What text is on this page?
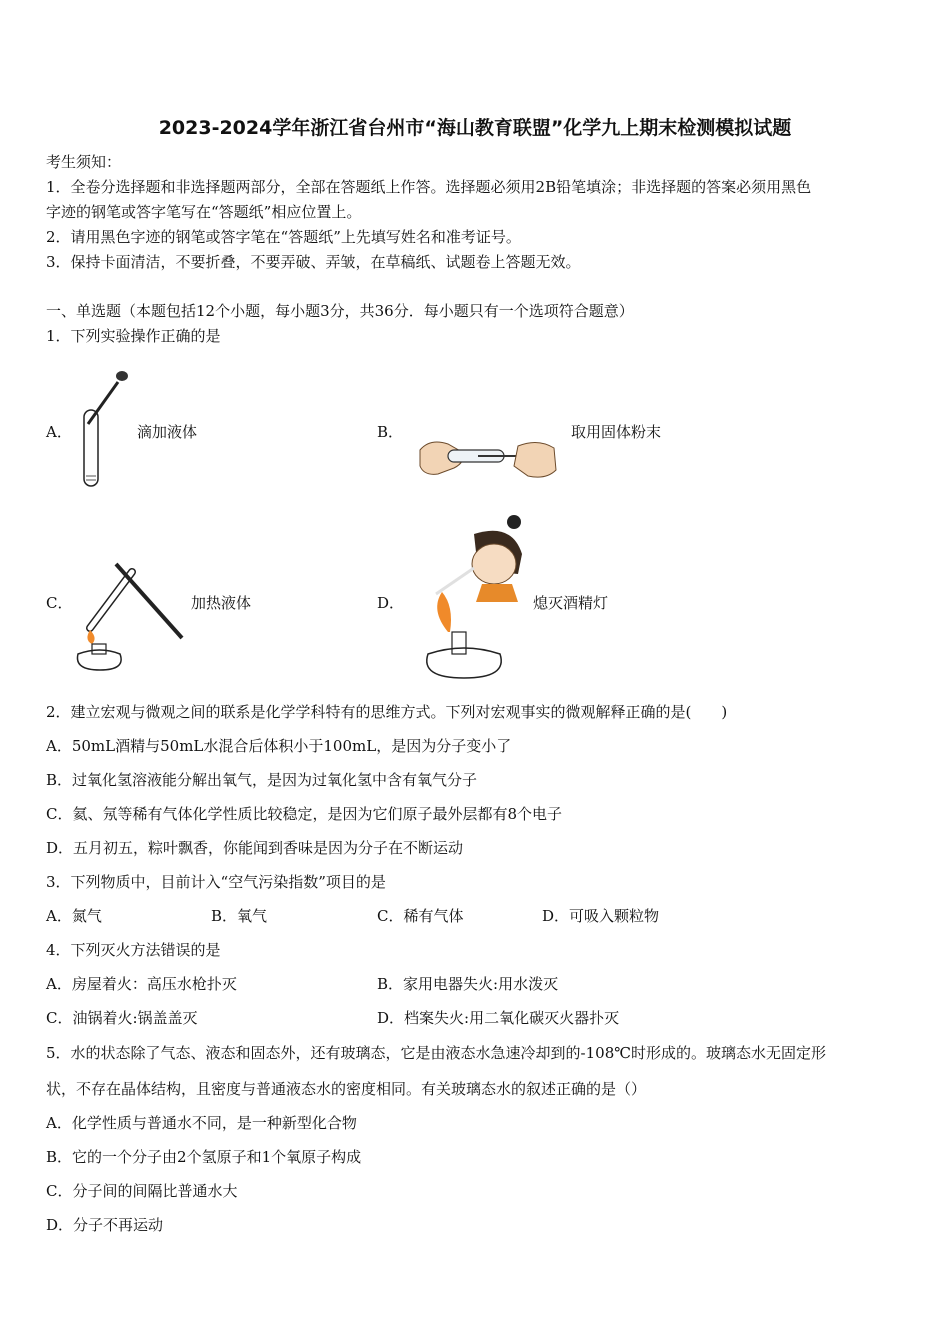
2023-2024学年浙江省台州市“海山教育联盟”化学九上期末检测模拟试题
考生须知：
1．全卷分选择题和非选择题两部分，全部在答题纸上作答。选择题必须用2B铅笔填涂；非选择题的答案必须用黑色
字迹的钢笔或答字笔写在“答题纸”相应位置上。
2．请用黑色字迹的钢笔或答字笔在“答题纸”上先填写姓名和准考证号。
3．保持卡面清洁，不要折叠，不要弄破、弄皱，在草稿纸、试题卷上答题无效。
一、单选题（本题包括12个小题，每小题3分，共36分．每小题只有一个选项符合题意）
1．下列实验操作正确的是
A．	滴加液体	B．	取用固体粉末
C．	加热液体	D．	熄灭酒精灯
2．建立宏观与微观之间的联系是化学学科特有的思维方式。下列对宏观事实的微观解释正确的是(　　)
A．50mL酒精与50mL水混合后体积小于100mL，是因为分子变小了
B．过氧化氢溶液能分解出氧气，是因为过氧化氢中含有氧气分子
C．氦、氖等稀有气体化学性质比较稳定，是因为它们原子最外层都有8个电子
D．五月初五，粽叶飘香，你能闻到香味是因为分子在不断运动
3．下列物质中，目前计入“空气污染指数”项目的是
A．氮气	B．氧气	C．稀有气体	D．可吸入颗粒物
4．下列灭火方法错误的是
A．房屋着火：高压水枪扑灭	B．家用电器失火:用水泼灭
C．油锅着火:锅盖盖灭	D．档案失火:用二氧化碳灭火器扑灭
5．水的状态除了气态、液态和固态外，还有玻璃态，它是由液态水急速冷却到的-108℃时形成的。玻璃态水无固定形
状，不存在晶体结构，且密度与普通液态水的密度相同。有关玻璃态水的叙述正确的是（）
A．化学性质与普通水不同，是一种新型化合物
B．它的一个分子由2个氢原子和1个氧原子构成
C．分子间的间隔比普通水大
D．分子不再运动
